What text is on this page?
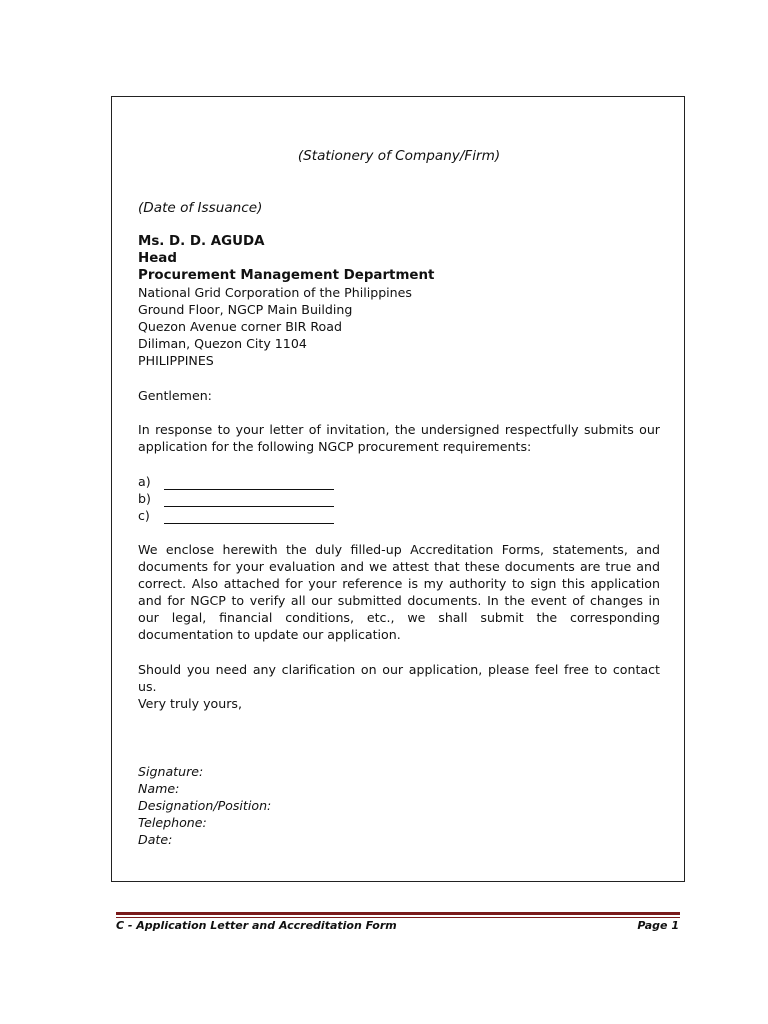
(Stationery of Company/Firm)
(Date of Issuance)
Ms. D. D. AGUDA
Head
Procurement Management Department
National Grid Corporation of the Philippines
Ground Floor, NGCP Main Building
Quezon Avenue corner BIR Road
Diliman, Quezon City 1104
PHILIPPINES
Gentlemen:
In response to your letter of invitation, the undersigned respectfully submits our application for the following NGCP procurement requirements:
a)
b)
c)
We enclose herewith the duly filled-up Accreditation Forms, statements, and documents for your evaluation and we attest that these documents are true and correct. Also attached for your reference is my authority to sign this application and for NGCP to verify all our submitted documents. In the event of changes in our legal, financial conditions, etc., we shall submit the corresponding documentation to update our application.
Should you need any clarification on our application, please feel free to contact us.
Very truly yours,
Signature:
Name:
Designation/Position:
Telephone:
Date:
C - Application Letter and Accreditation Form	Page 1
